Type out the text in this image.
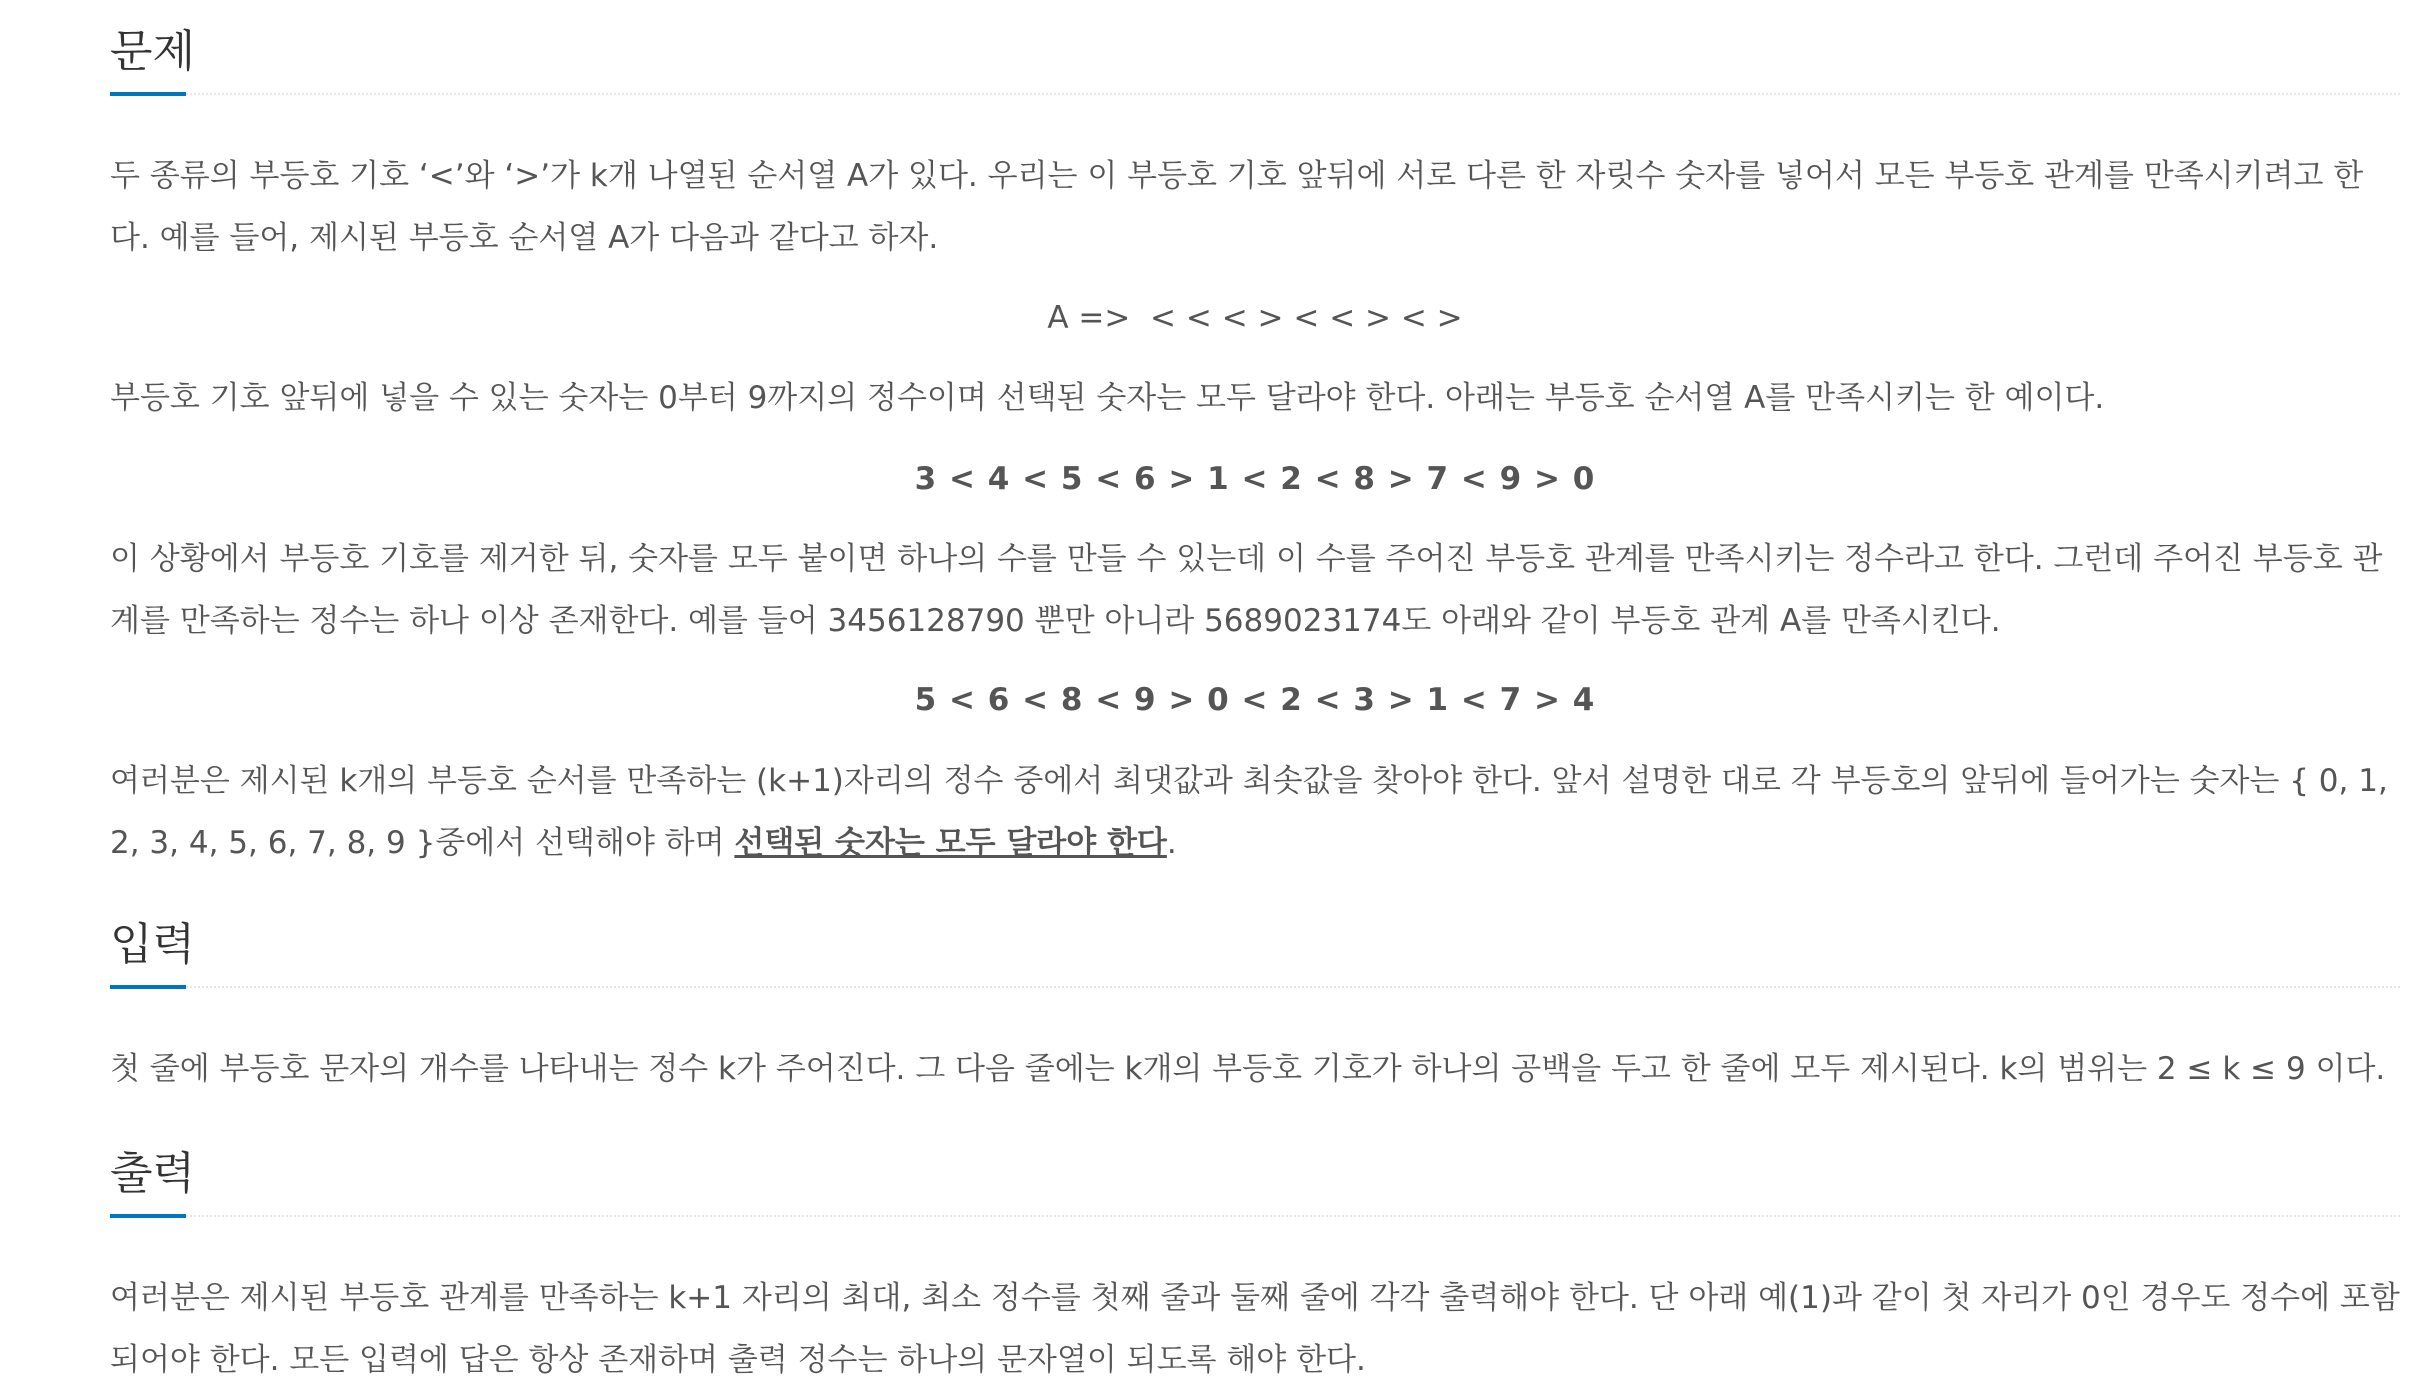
문제

두 종류의 부등호 기호 ‘<’와 ‘>’가 k개 나열된 순서열 A가 있다. 우리는 이 부등호 기호 앞뒤에 서로 다른 한 자릿수 숫자를 넣어서 모든 부등호 관계를 만족시키려고 한다. 예를 들어, 제시된 부등호 순서열 A가 다음과 같다고 하자.

A =>  < < < > < < > < >

부등호 기호 앞뒤에 넣을 수 있는 숫자는 0부터 9까지의 정수이며 선택된 숫자는 모두 달라야 한다. 아래는 부등호 순서열 A를 만족시키는 한 예이다.

3 < 4 < 5 < 6 > 1 < 2 < 8 > 7 < 9 > 0

이 상황에서 부등호 기호를 제거한 뒤, 숫자를 모두 붙이면 하나의 수를 만들 수 있는데 이 수를 주어진 부등호 관계를 만족시키는 정수라고 한다. 그런데 주어진 부등호 관계를 만족하는 정수는 하나 이상 존재한다. 예를 들어 3456128790 뿐만 아니라 5689023174도 아래와 같이 부등호 관계 A를 만족시킨다.

5 < 6 < 8 < 9 > 0 < 2 < 3 > 1 < 7 > 4

여러분은 제시된 k개의 부등호 순서를 만족하는 (k+1)자리의 정수 중에서 최댓값과 최솟값을 찾아야 한다. 앞서 설명한 대로 각 부등호의 앞뒤에 들어가는 숫자는 { 0, 1, 2, 3, 4, 5, 6, 7, 8, 9 }중에서 선택해야 하며 선택된 숫자는 모두 달라야 한다.

입력

첫 줄에 부등호 문자의 개수를 나타내는 정수 k가 주어진다. 그 다음 줄에는 k개의 부등호 기호가 하나의 공백을 두고 한 줄에 모두 제시된다. k의 범위는 2 ≤ k ≤ 9 이다.

출력

여러분은 제시된 부등호 관계를 만족하는 k+1 자리의 최대, 최소 정수를 첫째 줄과 둘째 줄에 각각 출력해야 한다. 단 아래 예(1)과 같이 첫 자리가 0인 경우도 정수에 포함되어야 한다. 모든 입력에 답은 항상 존재하며 출력 정수는 하나의 문자열이 되도록 해야 한다.
